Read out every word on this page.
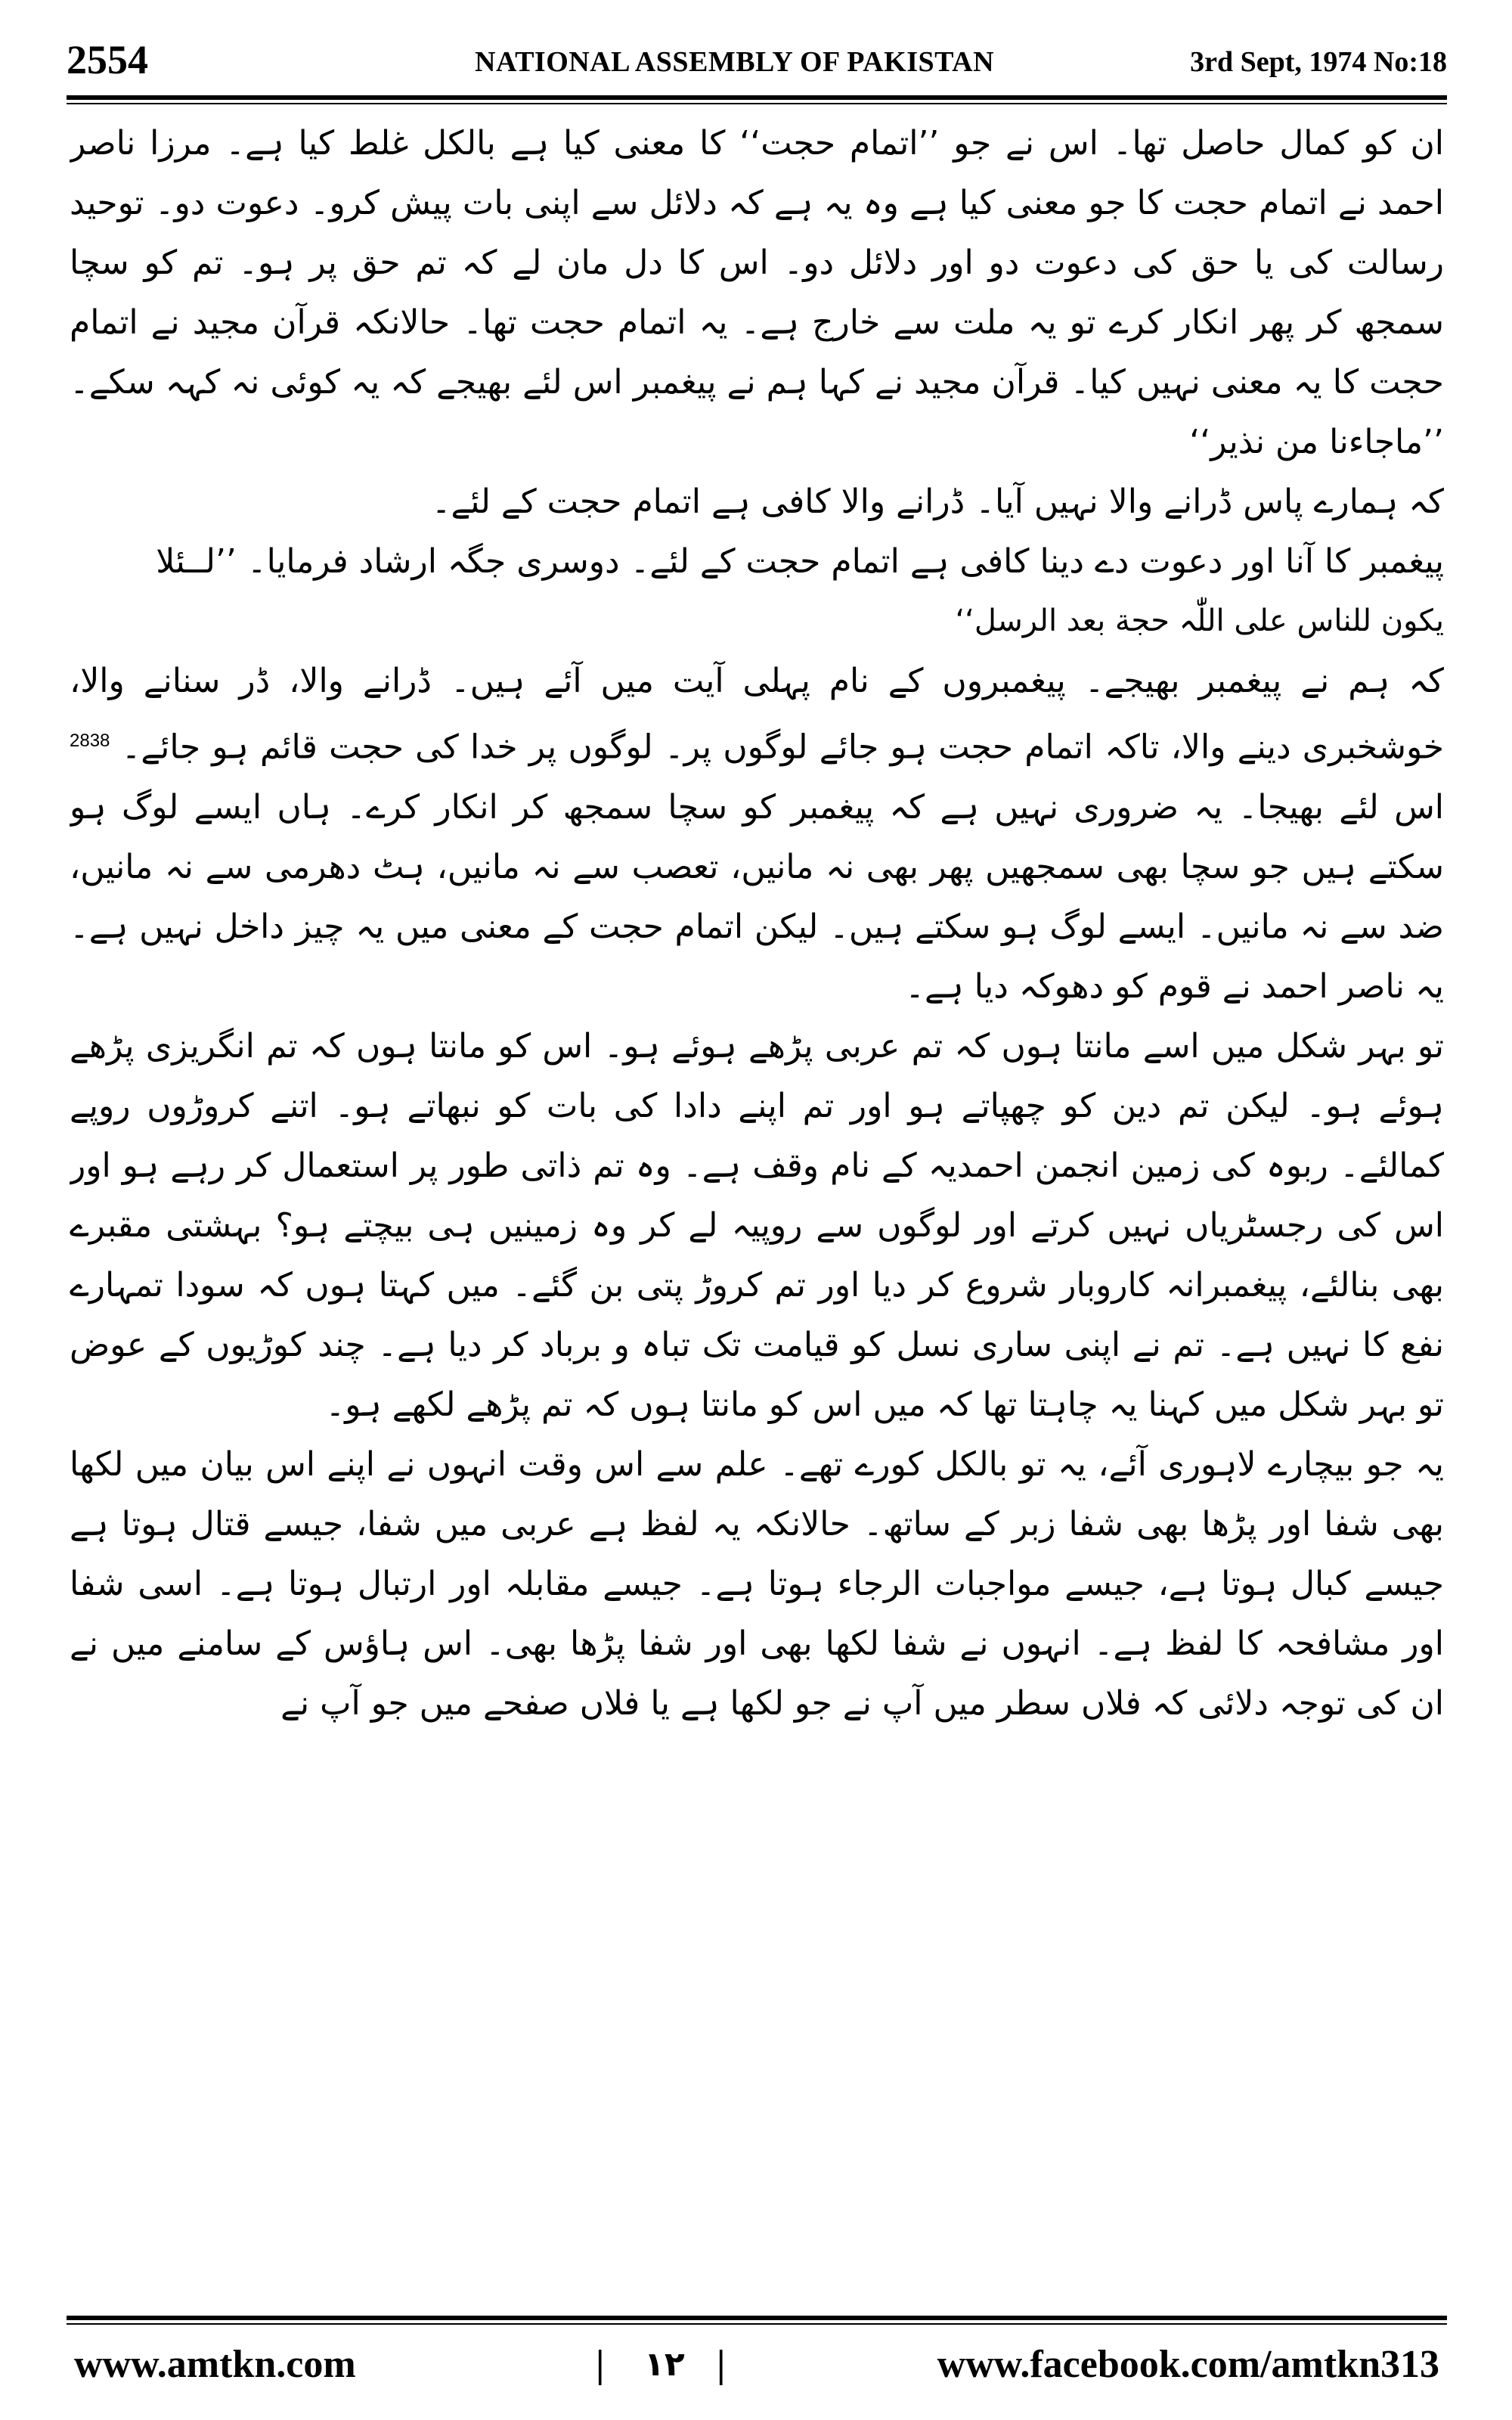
2554	NATIONAL ASSEMBLY OF PAKISTAN	3rd Sept, 1974 No:18

ان کو کمال حاصل تھا۔ اس نے جو ’’اتمام حجت‘‘ کا معنی کیا ہے بالکل غلط کیا ہے۔ مرزا ناصر احمد نے اتمام حجت کا جو معنی کیا ہے وہ یہ ہے کہ دلائل سے اپنی بات پیش کرو۔ دعوت دو۔ توحید رسالت کی یا حق کی دعوت دو اور دلائل دو۔ اس کا دل مان لے کہ تم حق پر ہو۔ تم کو سچا سمجھ کر پھر انکار کرے تو یہ ملت سے خارج ہے۔ یہ اتمام حجت تھا۔ حالانکہ قرآن مجید نے اتمام حجت کا یہ معنی نہیں کیا۔ قرآن مجید نے کہا ہم نے پیغمبر اس لئے بھیجے کہ یہ کوئی نہ کہہ سکے۔ ’’ماجاءنا من نذیر‘‘

کہ ہمارے پاس ڈرانے والا نہیں آیا۔ ڈرانے والا کافی ہے اتمام حجت کے لئے۔

پیغمبر کا آنا اور دعوت دے دینا کافی ہے اتمام حجت کے لئے۔ دوسری جگہ ارشاد فرمایا۔ ’’لــئلا

یکون للناس علی اللّٰہ حجة بعد الرسل‘‘

کہ ہم نے پیغمبر بھیجے۔ پیغمبروں کے نام پہلی آیت میں آئے ہیں۔ ڈرانے والا، ڈر سنانے والا، خوشخبری دینے والا، تاکہ اتمام حجت ہو جائے لوگوں پر۔ لوگوں پر خدا کی حجت قائم ہو جائے۔ $^{2838}$ اس لئے بھیجا۔ یہ ضروری نہیں ہے کہ پیغمبر کو سچا سمجھ کر انکار کرے۔ ہاں ایسے لوگ ہو سکتے ہیں جو سچا بھی سمجھیں پھر بھی نہ مانیں، تعصب سے نہ مانیں، ہٹ دھرمی سے نہ مانیں، ضد سے نہ مانیں۔ ایسے لوگ ہو سکتے ہیں۔ لیکن اتمام حجت کے معنی میں یہ چیز داخل نہیں ہے۔ یہ ناصر احمد نے قوم کو دھوکہ دیا ہے۔

تو بہر شکل میں اسے مانتا ہوں کہ تم عربی پڑھے ہوئے ہو۔ اس کو مانتا ہوں کہ تم انگریزی پڑھے ہوئے ہو۔ لیکن تم دین کو چھپاتے ہو اور تم اپنے دادا کی بات کو نبھاتے ہو۔ اتنے کروڑوں روپے کمالئے۔ ربوہ کی زمین انجمن احمدیہ کے نام وقف ہے۔ وہ تم ذاتی طور پر استعمال کر رہے ہو اور اس کی رجسٹریاں نہیں کرتے اور لوگوں سے روپیہ لے کر وہ زمینیں ہی بیچتے ہو؟ بہشتی مقبرے بھی بنالئے، پیغمبرانہ کاروبار شروع کر دیا اور تم کروڑ پتی بن گئے۔ میں کہتا ہوں کہ سودا تمہارے نفع کا نہیں ہے۔ تم نے اپنی ساری نسل کو قیامت تک تباہ و برباد کر دیا ہے۔ چند کوڑیوں کے عوض تو بہر شکل میں کہنا یہ چاہتا تھا کہ میں اس کو مانتا ہوں کہ تم پڑھے لکھے ہو۔

یہ جو بیچارے لاہوری آئے، یہ تو بالکل کورے تھے۔ علم سے اس وقت انہوں نے اپنے اس بیان میں لکھا بھی شفا اور پڑھا بھی شفا زبر کے ساتھ۔ حالانکہ یہ لفظ ہے عربی میں شفا، جیسے قتال ہوتا ہے جیسے کبال ہوتا ہے، جیسے مواجبات الرجاء ہوتا ہے۔ جیسے مقابلہ اور ارتبال ہوتا ہے۔ اسی شفا اور مشافحہ کا لفظ ہے۔ انہوں نے شفا لکھا بھی اور شفا پڑھا بھی۔ اس ہاؤس کے سامنے میں نے ان کی توجہ دلائی کہ فلاں سطر میں آپ نے جو لکھا ہے یا فلاں صفحے میں جو آپ نے

www.amtkn.com	| ۱۲ |	www.facebook.com/amtkn313
